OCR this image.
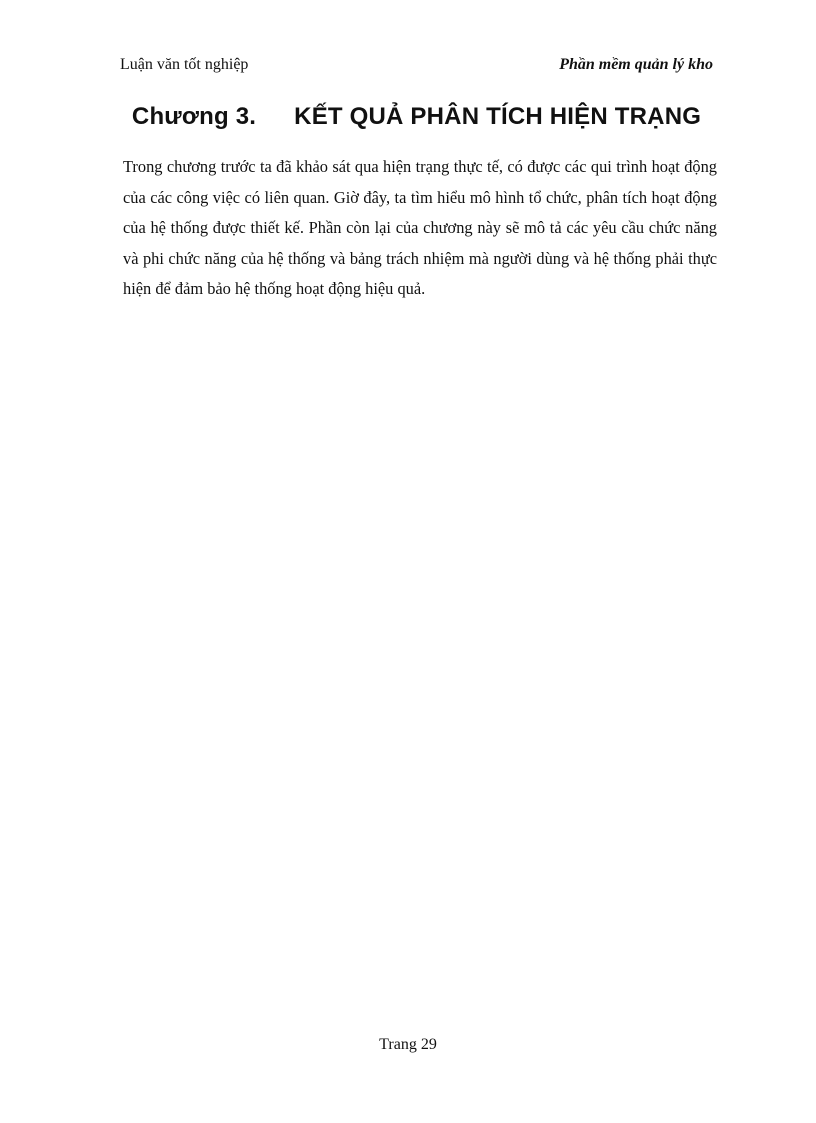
Luận văn tốt nghiệp	Phần mềm quản lý kho
Chương 3. KẾT QUẢ PHÂN TÍCH HIỆN TRẠNG

Trong chương trước ta đã khảo sát qua hiện trạng thực tế, có được các qui trình hoạt động của các công việc có liên quan. Giờ đây, ta tìm hiểu mô hình tổ chức, phân tích hoạt động của hệ thống được thiết kế. Phần còn lại của chương này sẽ mô tả các yêu cầu chức năng và phi chức năng của hệ thống và bảng trách nhiệm mà người dùng và hệ thống phải thực hiện để đảm bảo hệ thống hoạt động hiệu quả.

Trang 29
